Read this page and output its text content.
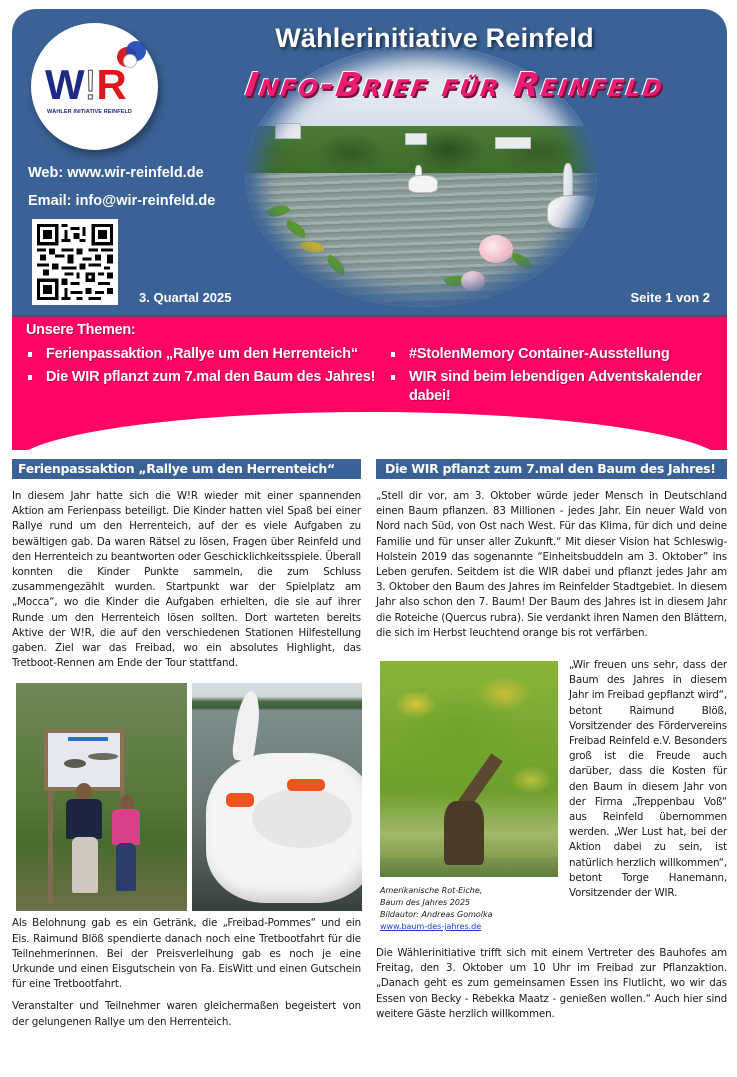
Wählerinitiative Reinfeld
Info-Brief für Reinfeld
W!R
WÄHLER INITIATIVE REINFELD
Web: www.wir-reinfeld.de
Email: info@wir-reinfeld.de
3. Quartal 2025	Seite 1 von 2
Unsere Themen:
Ferienpassaktion „Rallye um den Herrenteich“
Die WIR pflanzt zum 7.mal den Baum des Jahres!
#StolenMemory Container-Ausstellung
WIR sind beim lebendigen Adventskalender dabei!
Ferienpassaktion „Rallye um den Herrenteich“

In diesem Jahr hatte sich die W!R wieder mit einer spannenden Aktion am Ferienpass beteiligt. Die Kinder hatten viel Spaß bei einer Rallye rund um den Herrenteich, auf der es viele Aufgaben zu bewältigen gab. Da waren Rätsel zu lösen, Fragen über Reinfeld und den Herrenteich zu beantworten oder Geschicklichkeitsspiele. Überall konnten die Kinder Punkte sammeln, die zum Schluss zusammengezählt wurden. Startpunkt war der Spielplatz am „Mocca“, wo die Kinder die Aufgaben erhielten, die sie auf ihrer Runde um den Herrenteich lösen sollten. Dort warteten bereits Aktive der W!R, die auf den verschiedenen Stationen Hilfestellung gaben. Ziel war das Freibad, wo ein absolutes Highlight, das Tretboot-Rennen am Ende der Tour stattfand.

Als Belohnung gab es ein Getränk, die „Freibad-Pommes“ und ein Eis. Raimund Blöß spendierte danach noch eine Tretbootfahrt für die Teilnehmerinnen. Bei der Preisverleihung gab es noch je eine Urkunde und einen Eisgutschein von Fa. EisWitt und einen Gutschein für eine Tretbootfahrt.

Veranstalter und Teilnehmer waren gleichermaßen begeistert von der gelungenen Rallye um den Herrenteich.

Die WIR pflanzt zum 7.mal den Baum des Jahres!

„Stell dir vor, am 3. Oktober würde jeder Mensch in Deutschland einen Baum pflanzen. 83 Millionen - jedes Jahr. Ein neuer Wald von Nord nach Süd, von Ost nach West. Für das Klima, für dich und deine Familie und für unser aller Zukunft.“ Mit dieser Vision hat Schleswig- Holstein 2019 das sogenannte “Einheitsbuddeln am 3. Oktober” ins Leben gerufen. Seitdem ist die WIR dabei und pflanzt jedes Jahr am 3. Oktober den Baum des Jahres im Reinfelder Stadtgebiet. In diesem Jahr also schon den 7. Baum! Der Baum des Jahres ist in diesem Jahr die Roteiche (Quercus rubra). Sie verdankt ihren Namen den Blättern, die sich im Herbst leuchtend orange bis rot verfärben.

Amerikanische Rot-Eiche,
Baum des Jahres 2025
Bildautor: Andreas Gomolka
www.baum-des-jahres.de

„Wir freuen uns sehr, dass der Baum des Jahres in diesem Jahr im Freibad gepflanzt wird“, betont Raimund Blöß, Vorsitzender des Fördervereins Freibad Reinfeld e.V. Besonders groß ist die Freude auch darüber, dass die Kosten für den Baum in diesem Jahr von der Firma „Treppenbau Voß“ aus Reinfeld übernommen werden. „Wer Lust hat, bei der Aktion dabei zu sein, ist natürlich herzlich willkommen“, betont Torge Hanemann, Vorsitzender der WIR.

Die Wählerinitiative trifft sich mit einem Vertreter des Bauhofes am Freitag, den 3. Oktober um 10 Uhr im Freibad zur Pflanzaktion. „Danach geht es zum gemeinsamen Essen ins Flutlicht, wo wir das Essen von Becky - Rebekka Maatz - genießen wollen.“ Auch hier sind weitere Gäste herzlich willkommen.
